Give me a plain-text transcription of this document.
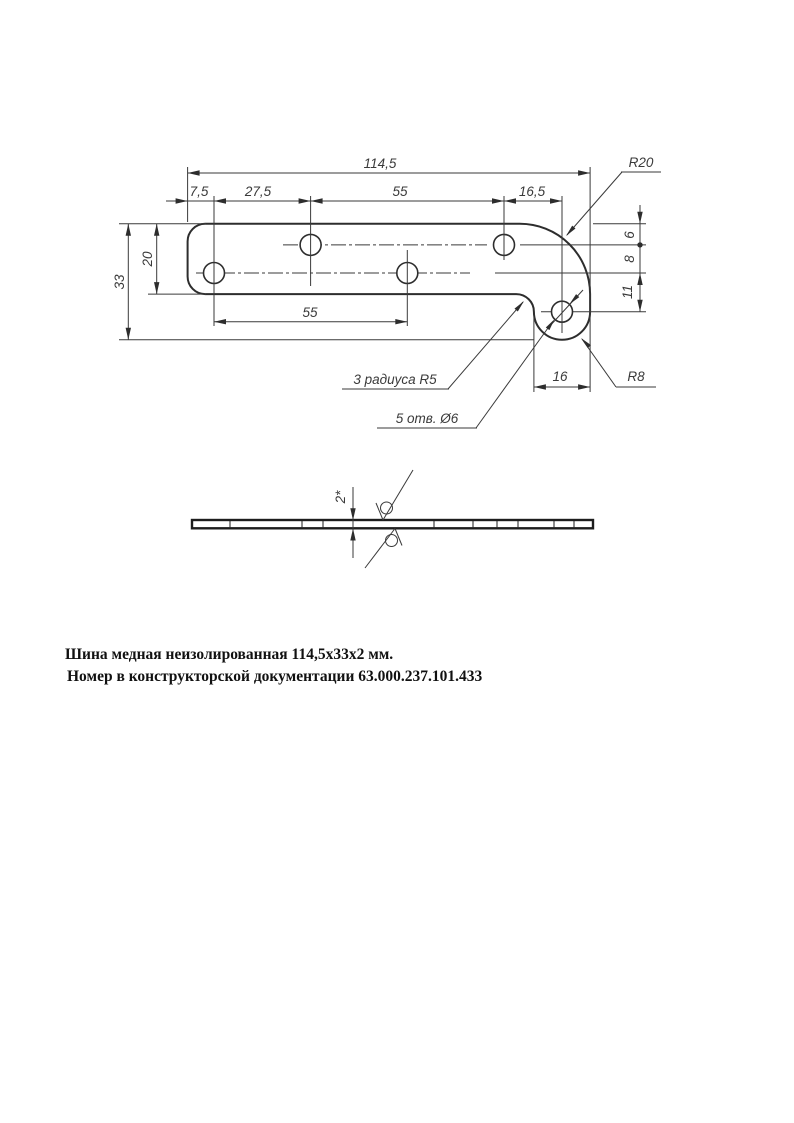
114,5
7,5	27,5	55	16,5
33
20
6
8
11
55
16
R20
R8
3 радиуса R5
5 отв. Ø6
2*
Шина медная неизолированная 114,5х33х2 мм.
Номер в конструкторской документации 63.000.237.101.433
